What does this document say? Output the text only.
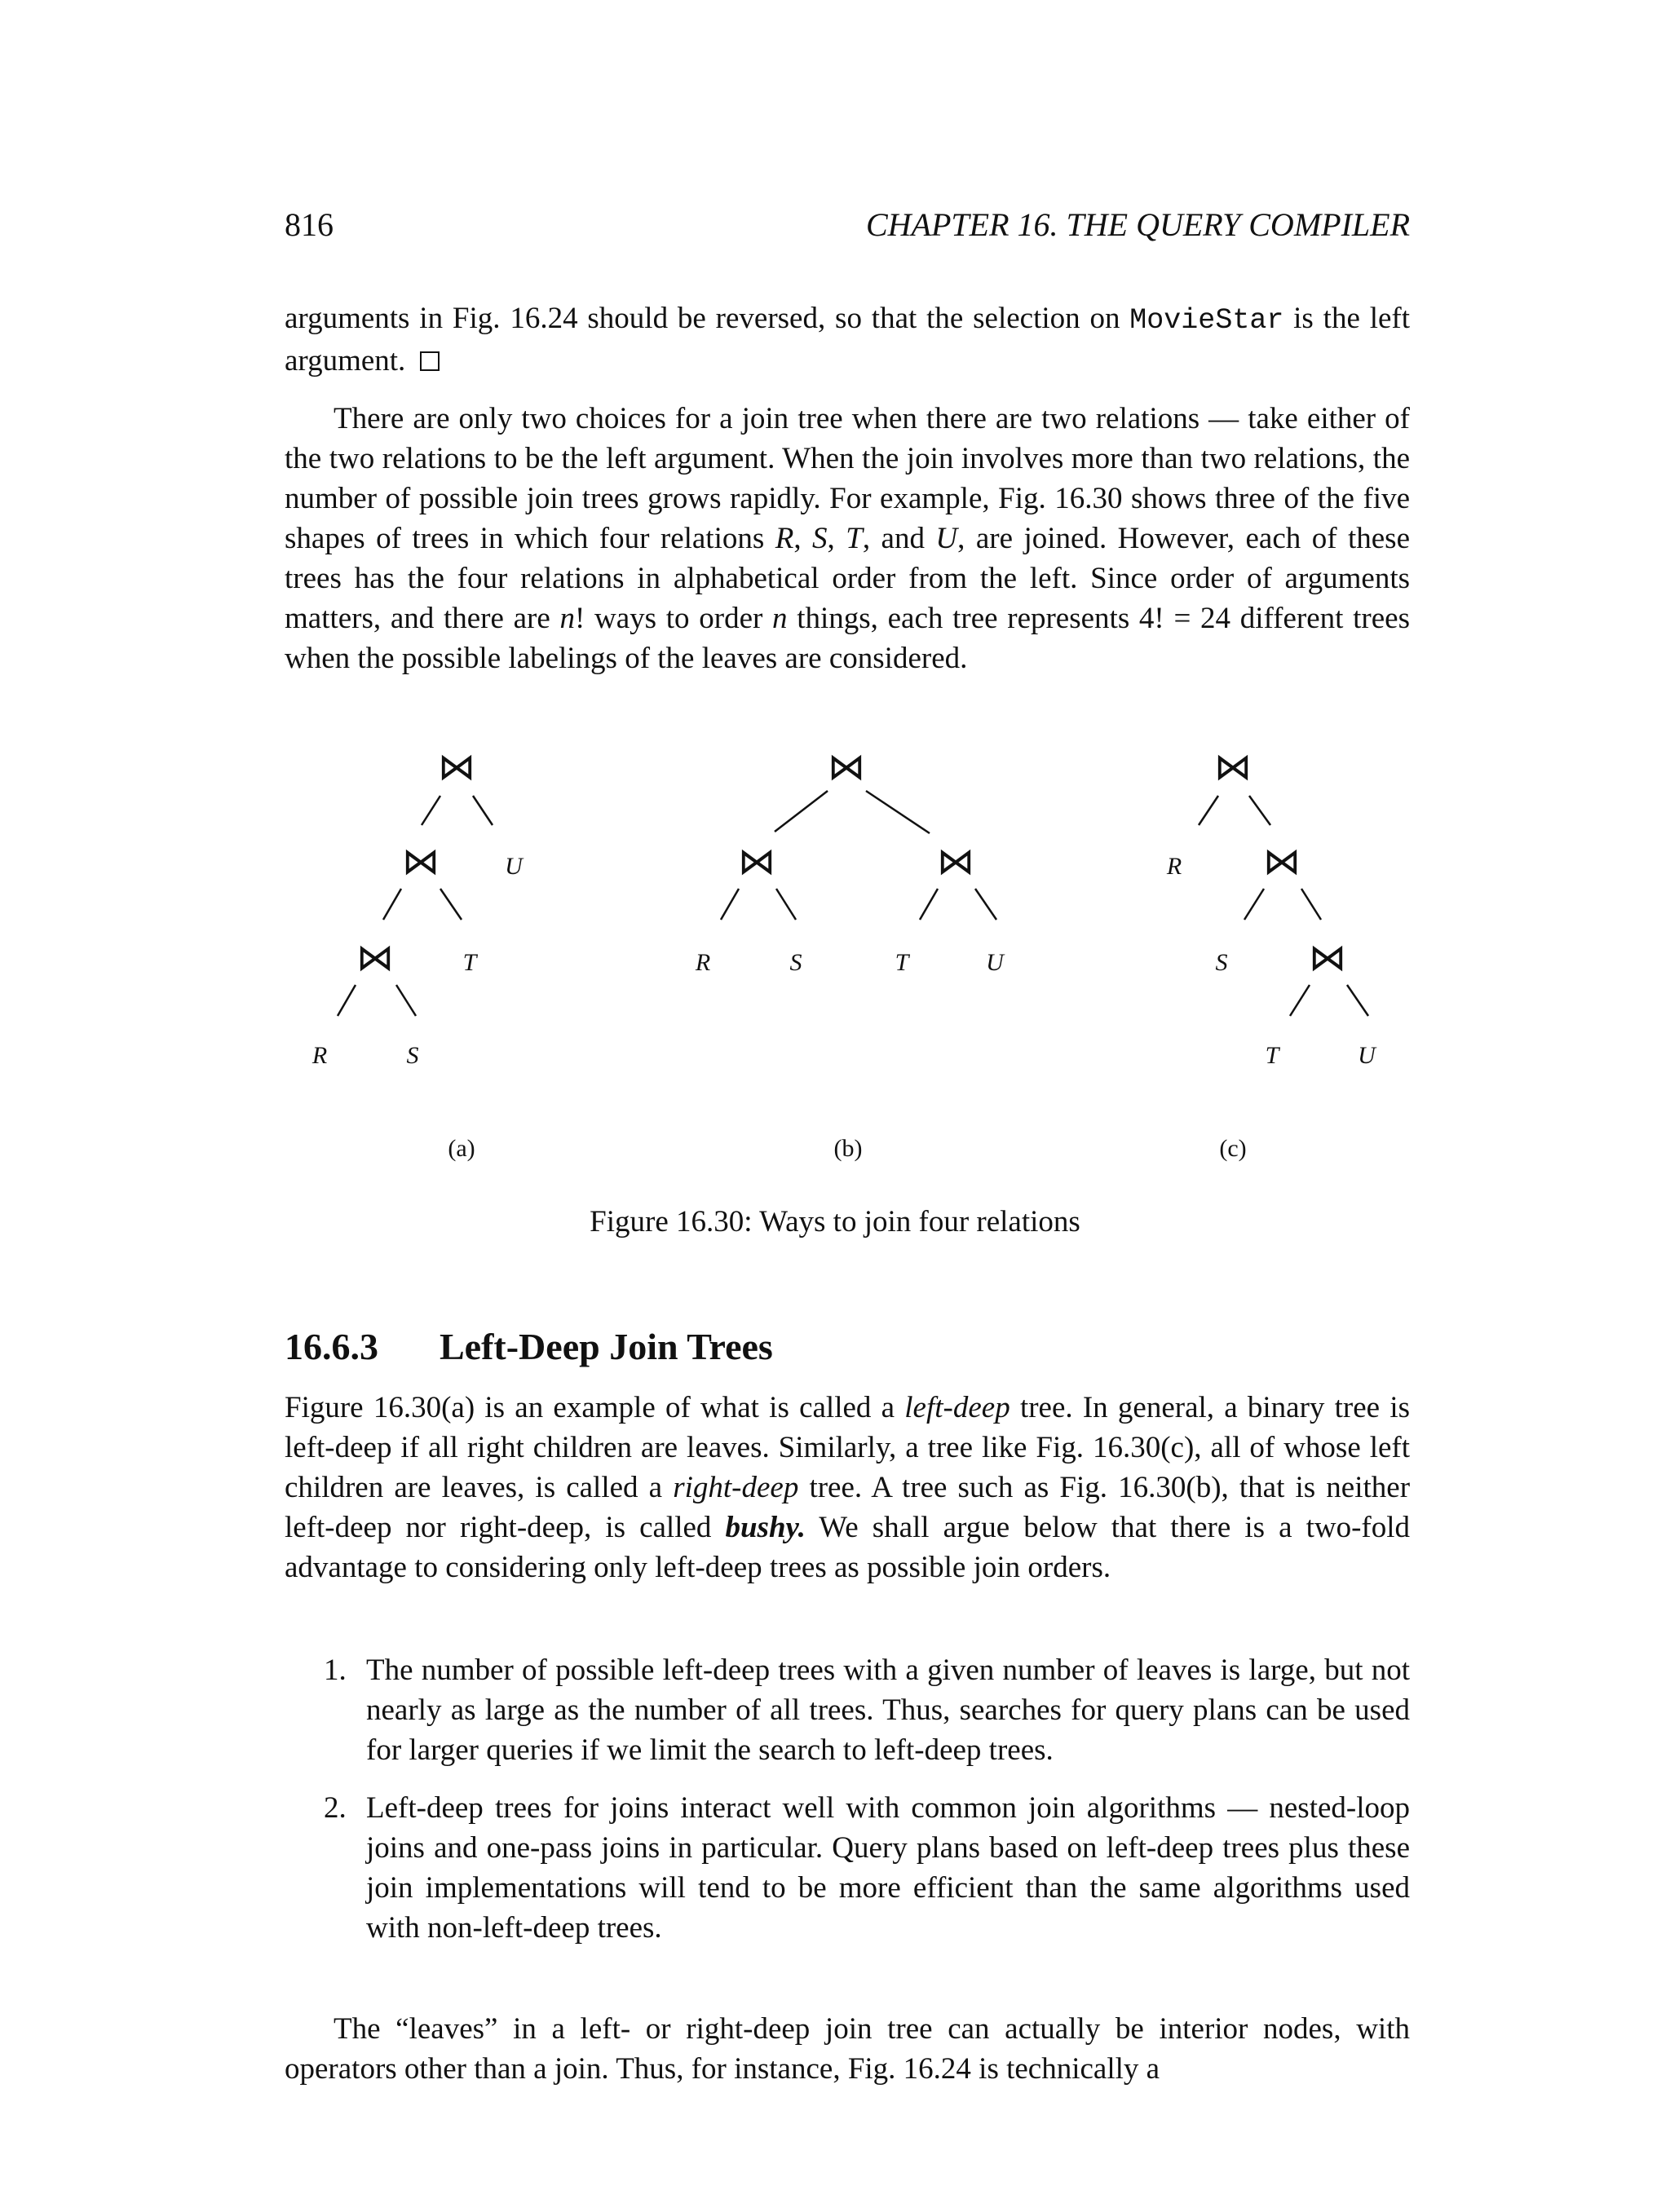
816	CHAPTER 16. THE QUERY COMPILER

arguments in Fig. 16.24 should be reversed, so that the selection on MovieStar is the left argument.

There are only two choices for a join tree when there are two relations — take either of the two relations to be the left argument. When the join involves more than two relations, the number of possible join trees grows rapidly. For example, Fig. 16.30 shows three of the five shapes of trees in which four relations R, S, T, and U, are joined. However, each of these trees has the four relations in alphabetical order from the left. Since order of arguments matters, and there are n! ways to order n things, each tree represents 4! = 24 different trees when the possible labelings of the leaves are considered.

⋈
⋈
⋈
⋈
⋈	⋈
⋈
⋈
⋈
U
T
R	S
R	S	T	U
R
S
T	U
(a)	(b)	(c)
Figure 16.30: Ways to join four relations
16.6.3 Left-Deep Join Trees

Figure 16.30(a) is an example of what is called a left-deep tree. In general, a binary tree is left-deep if all right children are leaves. Similarly, a tree like Fig. 16.30(c), all of whose left children are leaves, is called a right-deep tree. A tree such as Fig. 16.30(b), that is neither left-deep nor right-deep, is called bushy. We shall argue below that there is a two-fold advantage to considering only left-deep trees as possible join orders.

1. The number of possible left-deep trees with a given number of leaves is large, but not nearly as large as the number of all trees. Thus, searches for query plans can be used for larger queries if we limit the search to left-deep trees.
2. Left-deep trees for joins interact well with common join algorithms — nested-loop joins and one-pass joins in particular. Query plans based on left-deep trees plus these join implementations will tend to be more efficient than the same algorithms used with non-left-deep trees.

The “leaves” in a left- or right-deep join tree can actually be interior nodes, with operators other than a join. Thus, for instance, Fig. 16.24 is technically a
